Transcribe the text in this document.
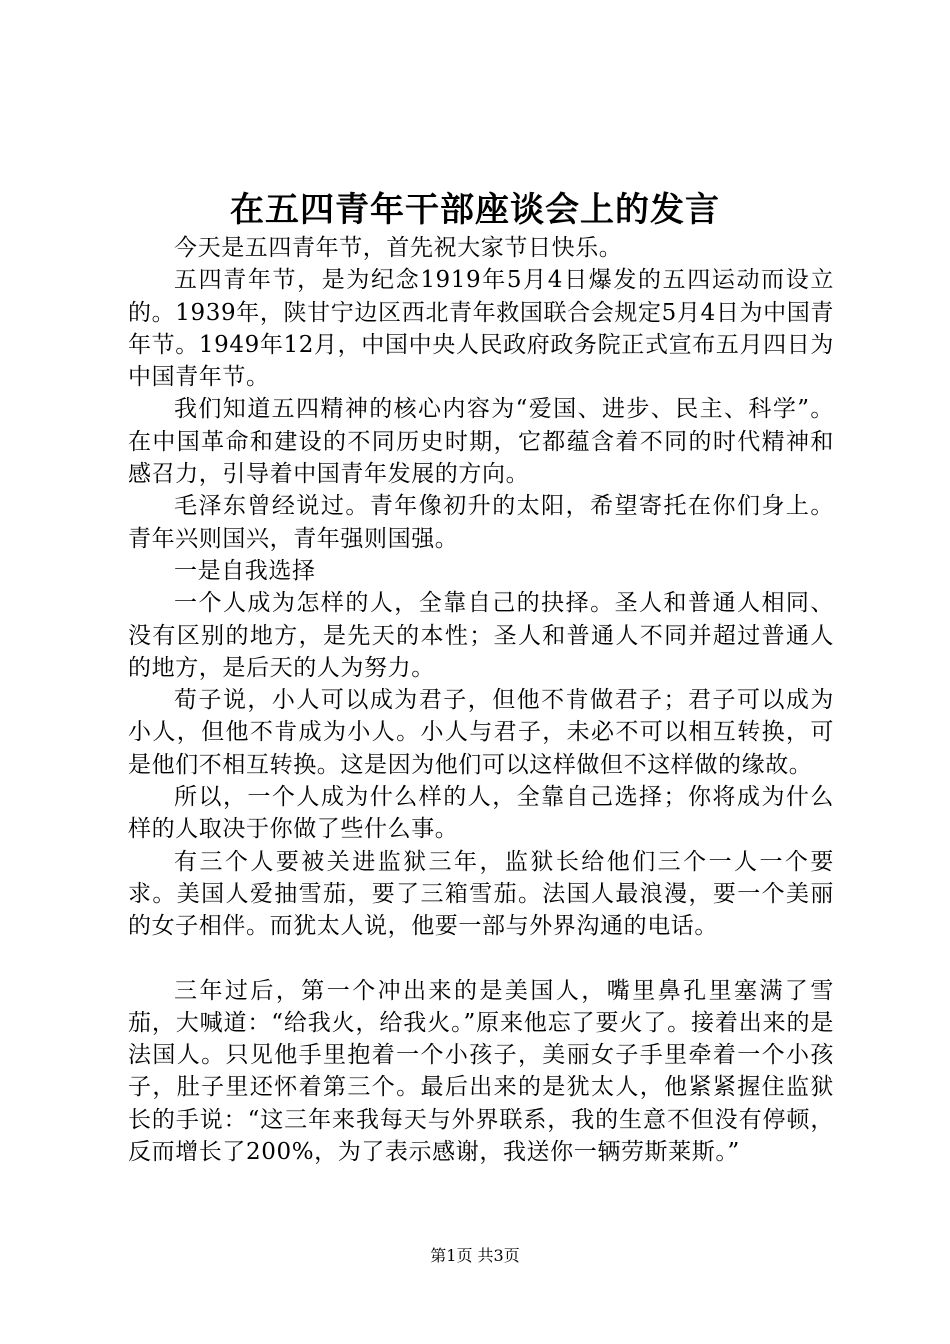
在五四青年干部座谈会上的发言

今天是五四青年节，首先祝大家节日快乐。

五四青年节，是为纪念1919年5月4日爆发的五四运动而设立的。1939年，陕甘宁边区西北青年救国联合会规定5月4日为中国青年节。1949年12月，中国中央人民政府政务院正式宣布五月四日为中国青年节。

我们知道五四精神的核心内容为“爱国、进步、民主、科学”。在中国革命和建设的不同历史时期，它都蕴含着不同的时代精神和感召力，引导着中国青年发展的方向。

毛泽东曾经说过。青年像初升的太阳，希望寄托在你们身上。青年兴则国兴，青年强则国强。

一是自我选择

一个人成为怎样的人，全靠自己的抉择。圣人和普通人相同、没有区别的地方，是先天的本性；圣人和普通人不同并超过普通人的地方，是后天的人为努力。

荀子说，小人可以成为君子，但他不肯做君子；君子可以成为小人，但他不肯成为小人。小人与君子，未必不可以相互转换，可是他们不相互转换。这是因为他们可以这样做但不这样做的缘故。

所以，一个人成为什么样的人，全靠自己选择；你将成为什么样的人取决于你做了些什么事。

有三个人要被关进监狱三年，监狱长给他们三个一人一个要求。美国人爱抽雪茄，要了三箱雪茄。法国人最浪漫，要一个美丽的女子相伴。而犹太人说，他要一部与外界沟通的电话。

三年过后，第一个冲出来的是美国人，嘴里鼻孔里塞满了雪茄，大喊道：“给我火，给我火。”原来他忘了要火了。接着出来的是法国人。只见他手里抱着一个小孩子，美丽女子手里牵着一个小孩子，肚子里还怀着第三个。最后出来的是犹太人，他紧紧握住监狱长的手说：“这三年来我每天与外界联系，我的生意不但没有停顿，反而增长了200%，为了表示感谢，我送你一辆劳斯莱斯。”

第1页 共3页
